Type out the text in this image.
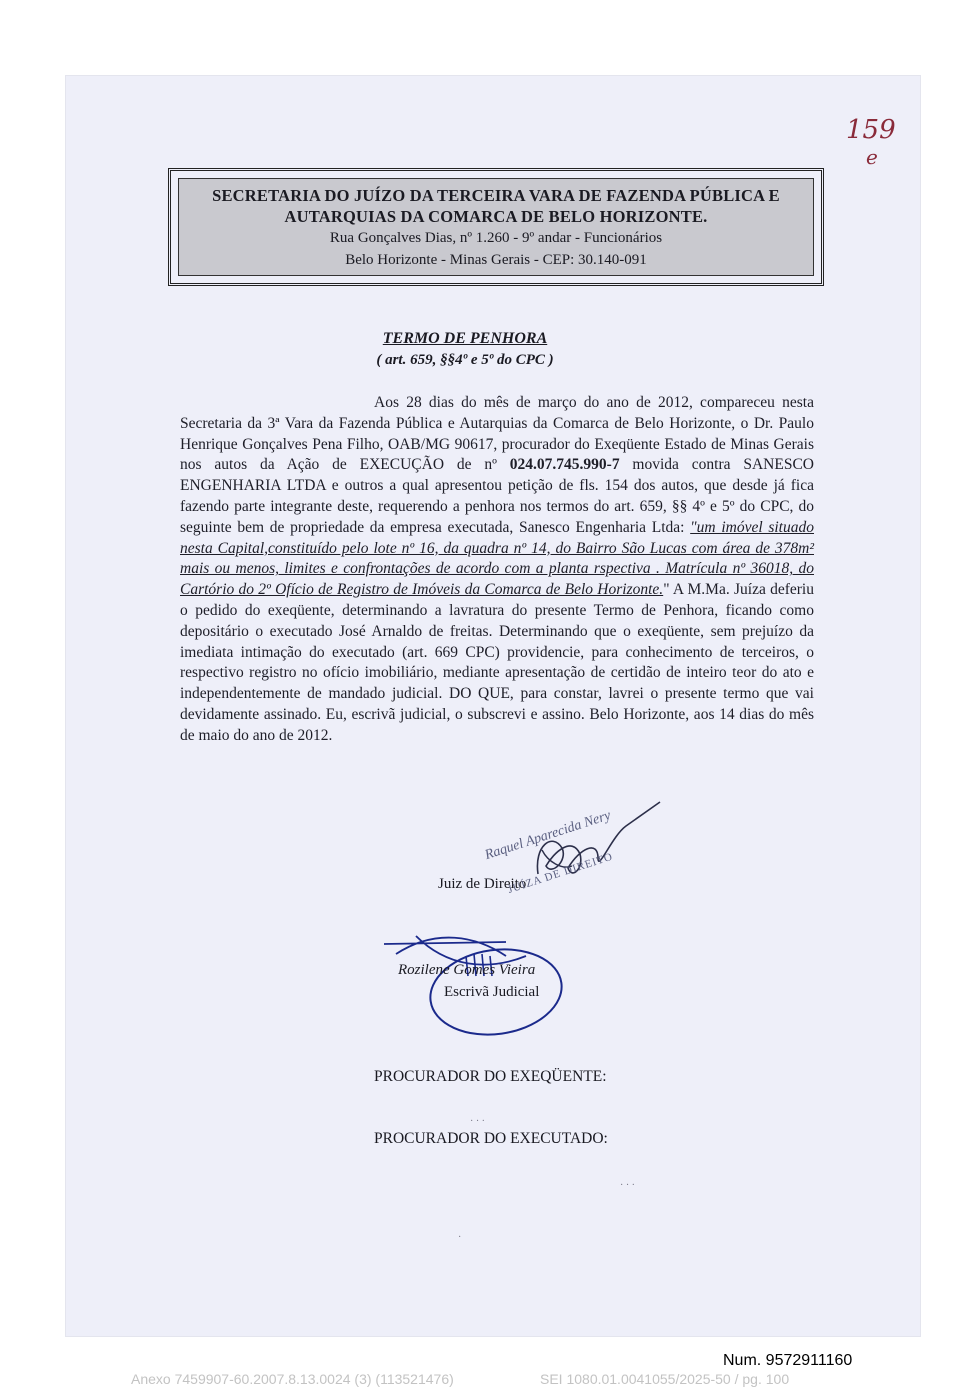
159
e

SECRETARIA DO JUÍZO DA TERCEIRA VARA DE FAZENDA PÚBLICA E

AUTARQUIAS DA COMARCA DE BELO HORIZONTE.

Rua Gonçalves Dias, nº 1.260 - 9º andar - Funcionários

Belo Horizonte - Minas Gerais - CEP: 30.140-091

TERMO DE PENHORA
( art. 659, §§4º e 5º do CPC )

Aos 28 dias do mês de março do ano de 2012, compareceu nesta Secretaria da 3ª Vara da Fazenda Pública e Autarquias da Comarca de Belo Horizonte, o Dr. Paulo Henrique Gonçalves Pena Filho, OAB/MG 90617, procurador do Exeqüente Estado de Minas Gerais nos autos da Ação de EXECUÇÃO de nº 024.07.745.990-7 movida contra SANESCO ENGENHARIA LTDA e outros a qual apresentou petição de fls. 154 dos autos, que desde já fica fazendo parte integrante deste, requerendo a penhora nos termos do art. 659, §§ 4º e 5º do CPC, do seguinte bem de propriedade da empresa executada, Sanesco Engenharia Ltda: "um imóvel situado nesta Capital,constituído pelo lote nº 16, da quadra nº 14, do Bairro São Lucas com área de 378m² mais ou menos, limites e confrontações de acordo com a planta rspectiva . Matrícula nº 36018, do Cartório do 2º Ofício de Registro de Imóveis da Comarca de Belo Horizonte." A M.Ma. Juíza deferiu o pedido do exeqüente, determinando a lavratura do presente Termo de Penhora, ficando como depositário o executado José Arnaldo de freitas. Determinando que o exeqüente, sem prejuízo da imediata intimação do executado (art. 669 CPC) providencie, para conhecimento de terceiros, o respectivo registro no ofício imobiliário, mediante apresentação de certidão de inteiro teor do ato e independentemente de mandado judicial. DO QUE, para constar, lavrei o presente termo que vai devidamente assinado. Eu, escrivã judicial, o subscrevi e assino. Belo Horizonte, aos 14 dias do mês de maio do ano de 2012.

Juiz de Direito
Raquel Aparecida Nery
JUÍZA DE DIREITO
Rozilene Gomes Vieira
Escrivã Judicial
PROCURADOR DO EXEQÜENTE:
PROCURADOR DO EXECUTADO:
· · ·
· · ·
·
Num. 9572911160
Anexo 7459907-60.2007.8.13.0024 (3) (113521476)	SEI 1080.01.0041055/2025-50 / pg. 100
